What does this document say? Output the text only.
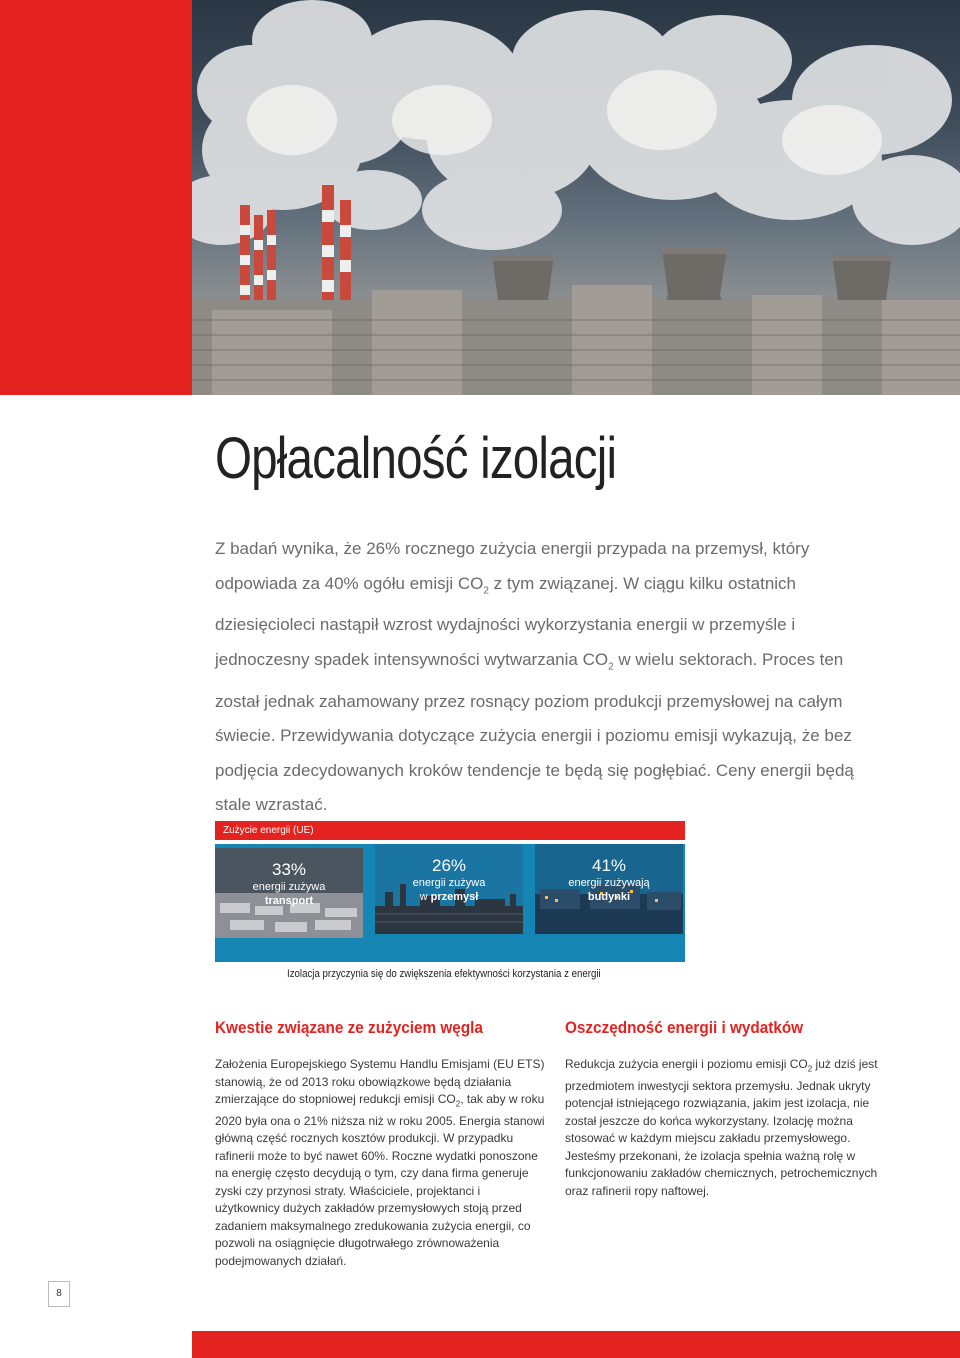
Opłacalność izolacji

Z badań wynika, że 26% rocznego zużycia energii przypada na przemysł, który odpowiada za 40% ogółu emisji $CO_2$ z tym związanej. W ciągu kilku ostatnich dziesięcioleci nastąpił wzrost wydajności wykorzystania energii w przemyśle i jednoczesny spadek intensywności wytwarzania $CO_2$ w wielu sektorach. Proces ten został jednak zahamowany przez rosnący poziom produkcji przemysłowej na całym świecie. Przewidywania dotyczące zużycia energii i poziomu emisji wykazują, że bez podjęcia zdecydowanych kroków tendencje te będą się pogłębiać. Ceny energii będą stale wzrastać.

Zużycie energii (UE)
33%
energii zużywa
transport
26%
energii zużywa
w przemysł
41%
energii zużywają
budynki
Izolacja przyczynia się do zwiększenia efektywności korzystania z energii
Kwestie związane ze zużyciem węgla

Założenia Europejskiego Systemu Handlu Emisjami (EU ETS) stanowią, że od 2013 roku obowiązkowe będą działania zmierzające do stopniowej redukcji emisji $CO_2$, tak aby w roku 2020 była ona o 21% niższa niż w roku 2005. Energia stanowi główną część rocznych kosztów produkcji. W przypadku rafinerii może to być nawet 60%. Roczne wydatki ponoszone na energię często decydują o tym, czy dana firma generuje zyski czy przynosi straty. Właściciele, projektanci i użytkownicy dużych zakładów przemysłowych stoją przed zadaniem maksymalnego zredukowania zużycia energii, co pozwoli na osiągnięcie długotrwałego zrównoważenia podejmowanych działań.

Oszczędność energii i wydatków

Redukcja zużycia energii i poziomu emisji $CO_2$ już dziś jest przedmiotem inwestycji sektora przemysłu. Jednak ukryty potencjał istniejącego rozwiązania, jakim jest izolacja, nie został jeszcze do końca wykorzystany. Izolację można stosować w każdym miejscu zakładu przemysłowego. Jesteśmy przekonani, że izolacja spełnia ważną rolę w funkcjonowaniu zakładów chemicznych, petrochemicznych oraz rafinerii ropy naftowej.

8
